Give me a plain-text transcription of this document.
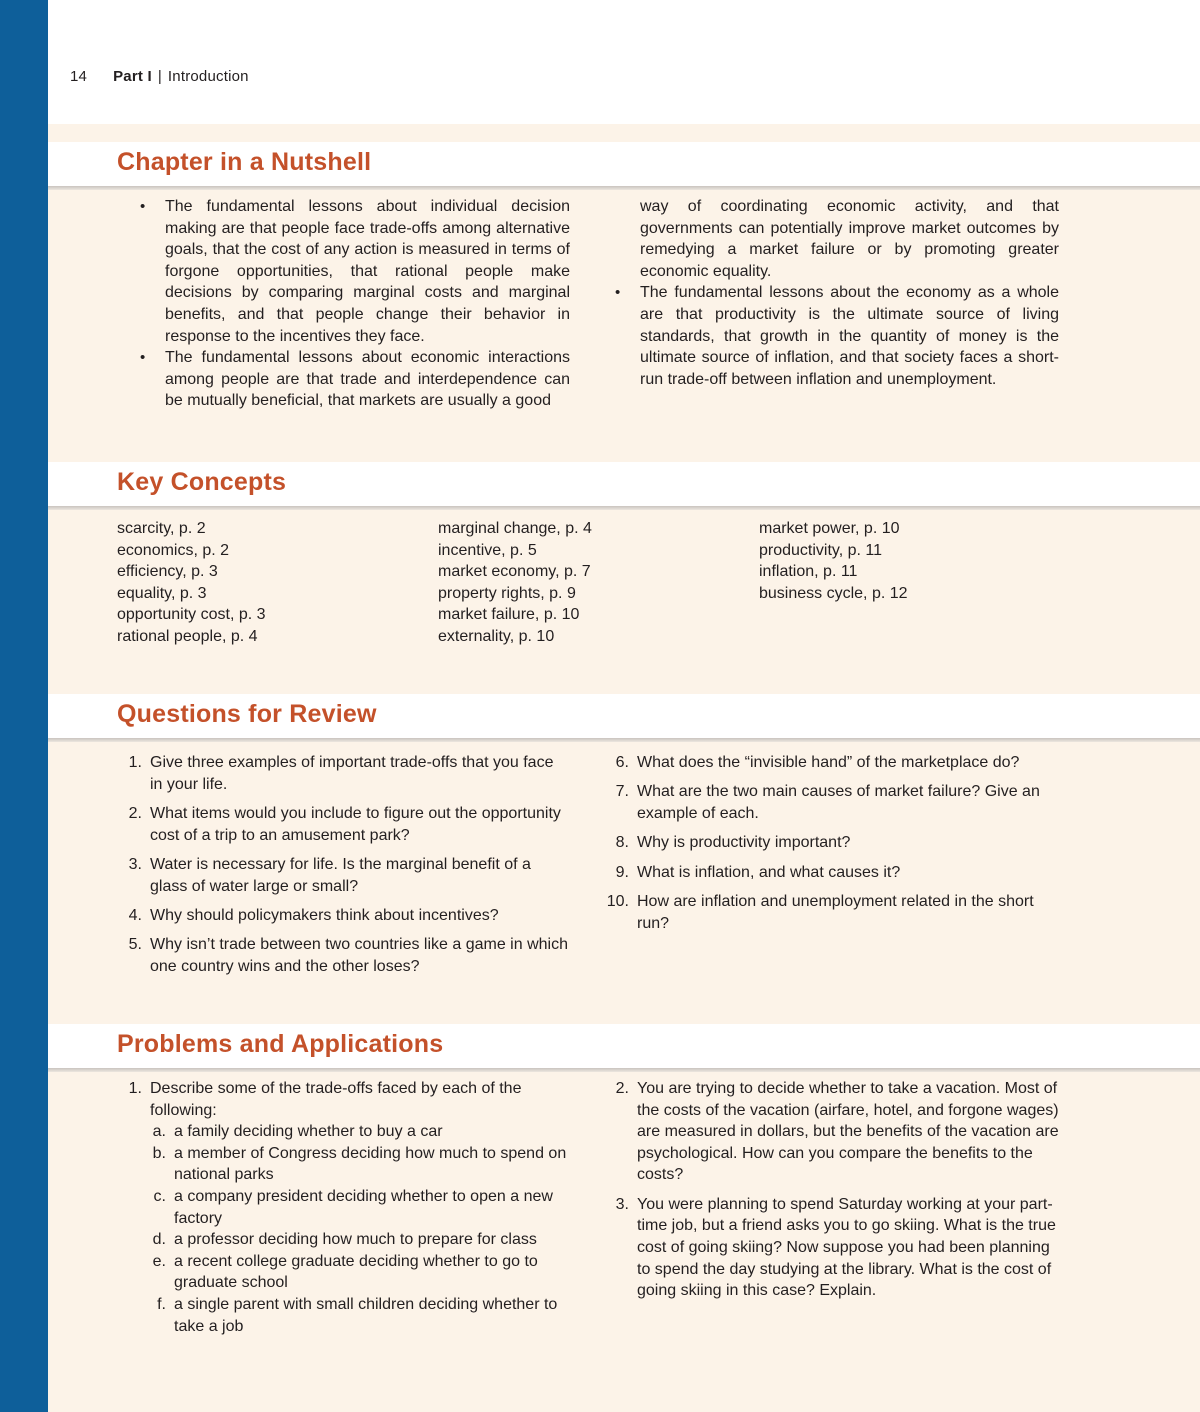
14 Part I | Introduction
Chapter in a Nutshell
• The fundamental lessons about individual decision making are that people face trade-offs among alternative goals, that the cost of any action is measured in terms of forgone opportunities, that rational people make decisions by comparing marginal costs and marginal benefits, and that people change their behavior in response to the incentives they face.
• The fundamental lessons about economic interactions among people are that trade and interdependence can be mutually beneficial, that markets are usually a good

way of coordinating economic activity, and that governments can potentially improve market outcomes by remedying a market failure or by promoting greater economic equality.

• The fundamental lessons about the economy as a whole are that productivity is the ultimate source of living standards, that growth in the quantity of money is the ultimate source of inflation, and that society faces a short-run trade-off between inflation and unemployment.
Key Concepts
scarcity, p. 2
economics, p. 2
efficiency, p. 3
equality, p. 3
opportunity cost, p. 3
rational people, p. 4
marginal change, p. 4
incentive, p. 5
market economy, p. 7
property rights, p. 9
market failure, p. 10
externality, p. 10
market power, p. 10
productivity, p. 11
inflation, p. 11
business cycle, p. 12
Questions for Review
1. Give three examples of important trade-offs that you face in your life.
2. What items would you include to figure out the opportunity cost of a trip to an amusement park?
3. Water is necessary for life. Is the marginal benefit of a glass of water large or small?
4. Why should policymakers think about incentives?
5. Why isn’t trade between two countries like a game in which one country wins and the other loses?
6. What does the “invisible hand” of the marketplace do?
7. What are the two main causes of market failure? Give an example of each.
8. Why is productivity important?
9. What is inflation, and what causes it?
10. How are inflation and unemployment related in the short run?
Problems and Applications
1. Describe some of the trade-offs faced by each of the following:
a. a family deciding whether to buy a car
b. a member of Congress deciding how much to spend on national parks
c. a company president deciding whether to open a new factory
d. a professor deciding how much to prepare for class
e. a recent college graduate deciding whether to go to graduate school
f. a single parent with small children deciding whether to take a job
2. You are trying to decide whether to take a vacation. Most of the costs of the vacation (airfare, hotel, and forgone wages) are measured in dollars, but the benefits of the vacation are psychological. How can you compare the benefits to the costs?
3. You were planning to spend Saturday working at your part-time job, but a friend asks you to go skiing. What is the true cost of going skiing? Now suppose you had been planning to spend the day studying at the library. What is the cost of going skiing in this case? Explain.
